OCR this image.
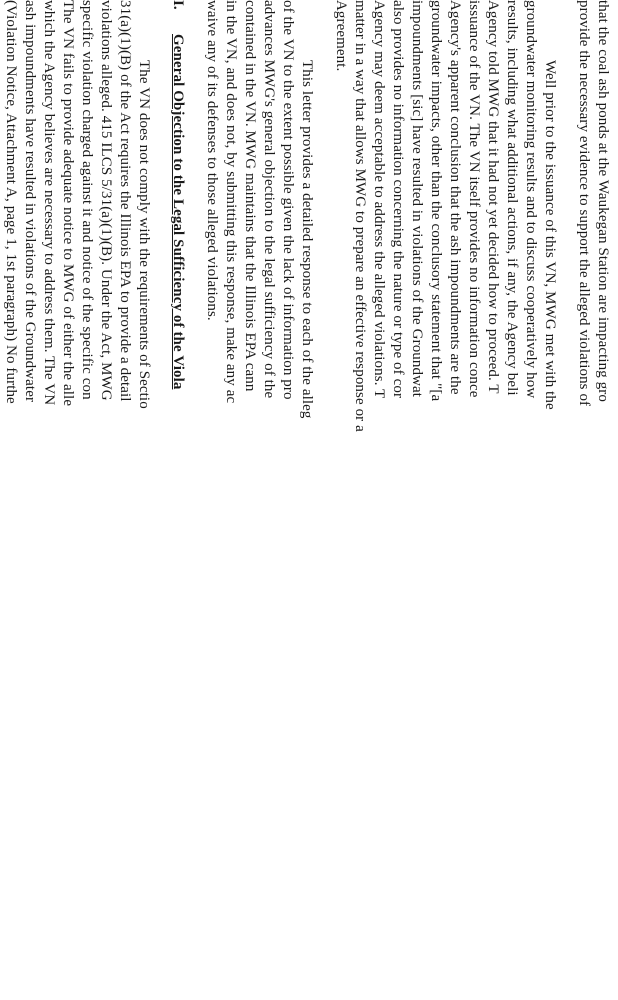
that the coal ash ponds at the Waukegan Station are impacting gro
provide the necessary evidence to support the alleged violations of
Well prior to the issuance of this VN, MWG met with the
groundwater monitoring results and to discuss cooperatively how
results, including what additional actions, if any, the Agency beli
Agency told MWG that it had not yet decided how to proceed. T
issuance of the VN. The VN itself provides no information conce
Agency's apparent conclusion that the ash impoundments are the
groundwater impacts, other than the conclusory statement that "[a
impoundments [sic] have resulted in violations of the Groundwat
also provides no information concerning the nature or type of cor
Agency may deem acceptable to address the alleged violations. T
matter in a way that allows MWG to prepare an effective response or a
Agreement.
This letter provides a detailed response to each of the alleg
of the VN to the extent possible given the lack of information pro
advances MWG's general objection to the legal sufficiency of the
contained in the VN. MWG maintains that the Illinois EPA cann
in the VN, and does not, by submitting this response, make any ac
waive any of its defenses to those alleged violations.
I.
General Objection to the Legal Sufficiency of the Viola
The VN does not comply with the requirements of Sectio
31(a)(1)(B) of the Act requires the Illinois EPA to provide a detail
violations alleged. 415 ILCS 5/31(a)(1)(B). Under the Act, MWG
specific violation charged against it and notice of the specific con
The VN fails to provide adequate notice to MWG of either the alle
which the Agency believes are necessary to address them. The VN
ash impoundments have resulted in violations of the Groundwater
(Violation Notice, Attachment A, page 1, 1st paragraph) No furthe
